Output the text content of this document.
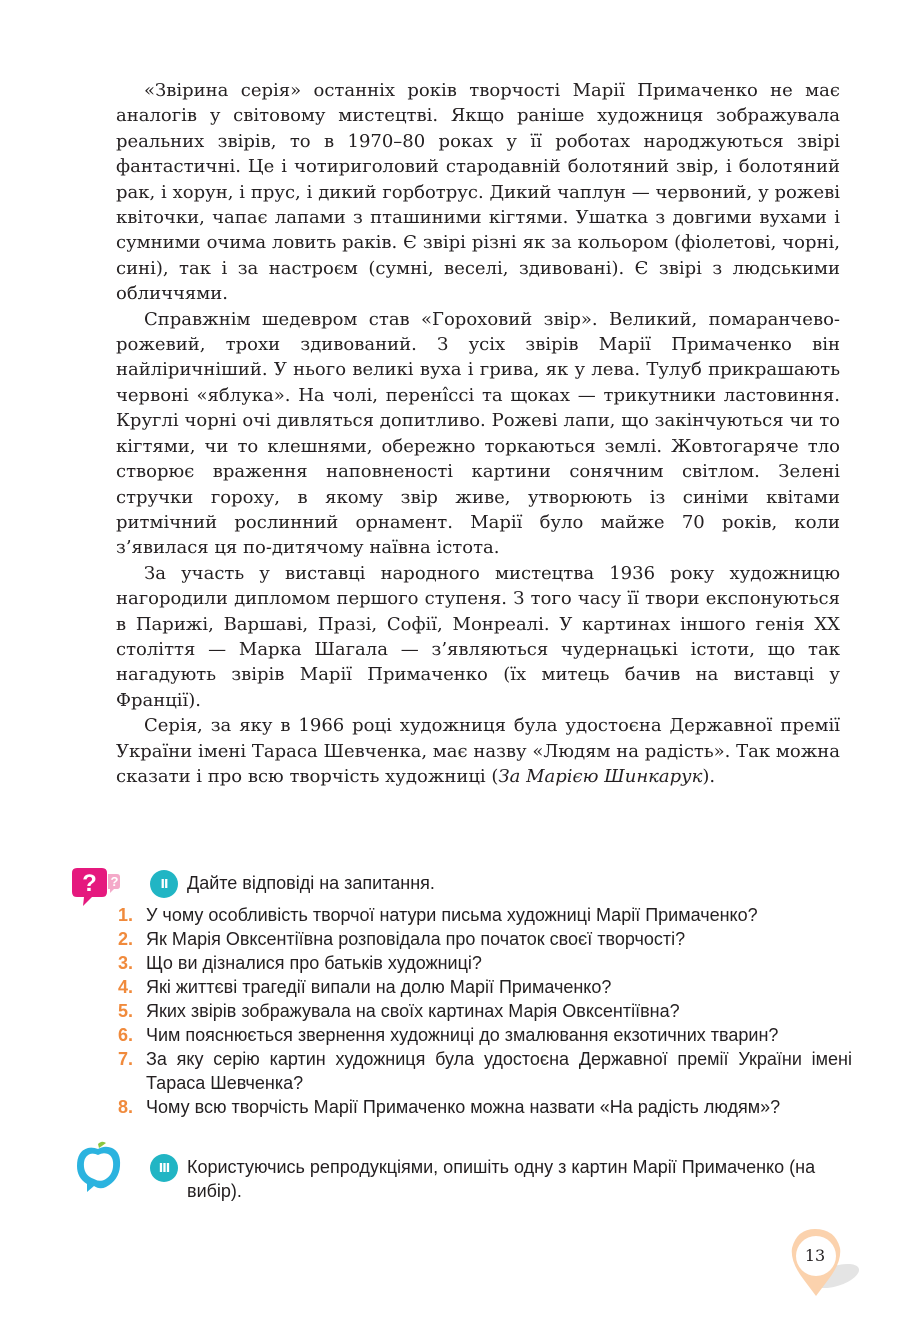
«Звірина серія» останніх років творчості Марії Примаченко не має аналогів у світовому мистецтві. Якщо раніше художниця зображувала реальних звірів, то в 1970–80 роках у її роботах народжуються звірі фантастичні. Це і чотириголовий стародавній болотяний звір, і болотяний рак, і хорун, і прус, і дикий горботрус. Дикий чаплун — червоний, у рожеві квіточки, чапає лапами з пташиними кігтями. Ушатка з довгими вухами і сумними очима ловить раків. Є звірі різні як за кольором (фіолетові, чорні, сині), так і за настроєм (сумні, веселі, здивовані). Є звірі з людськими обличчями.

Справжнім шедевром став «Гороховий звір». Великий, помаранчево-рожевий, трохи здивований. З усіх звірів Марії Примаченко він найліричніший. У нього великі вуха і грива, як у лева. Тулуб прикрашають червоні «яблука». На чолі, перенîссі та щоках — трикутники ластовиння. Круглі чорні очі дивляться допитливо. Рожеві лапи, що закінчуються чи то кігтями, чи то клешнями, обережно торкаються землі. Жовтогаряче тло створює враження наповненості картини сонячним світлом. Зелені стручки гороху, в якому звір живе, утворюють із синіми квітами ритмічний рослинний орнамент. Марії було майже 70 років, коли з’явилася ця по-дитячому наївна істота.

За участь у виставці народного мистецтва 1936 року художницю нагородили дипломом першого ступеня. З того часу її твори експонуються в Парижі, Варшаві, Празі, Софії, Монреалі. У картинах іншого генія XX століття — Марка Шагала — з’являються чудернацькі істоти, що так нагадують звірів Марії Примаченко (їх митець бачив на виставці у Франції).

Серія, за яку в 1966 році художниця була удостоєна Державної премії України імені Тараса Шевченка, має назву «Людям на радість». Так можна сказати і про всю творчість художниці (За Марією Шинкарук).

? ?	II	Дайте відповіді на запитання.
1. У чому особливість творчої натури письма художниці Марії Примаченко?
2. Як Марія Овксентіївна розповідала про початок своєї творчості?
3. Що ви дізналися про батьків художниці?
4. Які життєві трагедії випали на долю Марії Примаченко?
5. Яких звірів зображувала на своїх картинах Марія Овксентіївна?
6. Чим пояснюється звернення художниці до змалювання екзотичних тварин?
7. За яку серію картин художниця була удостоєна Державної премії України імені Тараса Шевченка?
8. Чому всю творчість Марії Примаченко можна назвати «На радість людям»?
III Користуючись репродукціями, опишіть одну з картин Марії Примаченко (на вибір).
13
